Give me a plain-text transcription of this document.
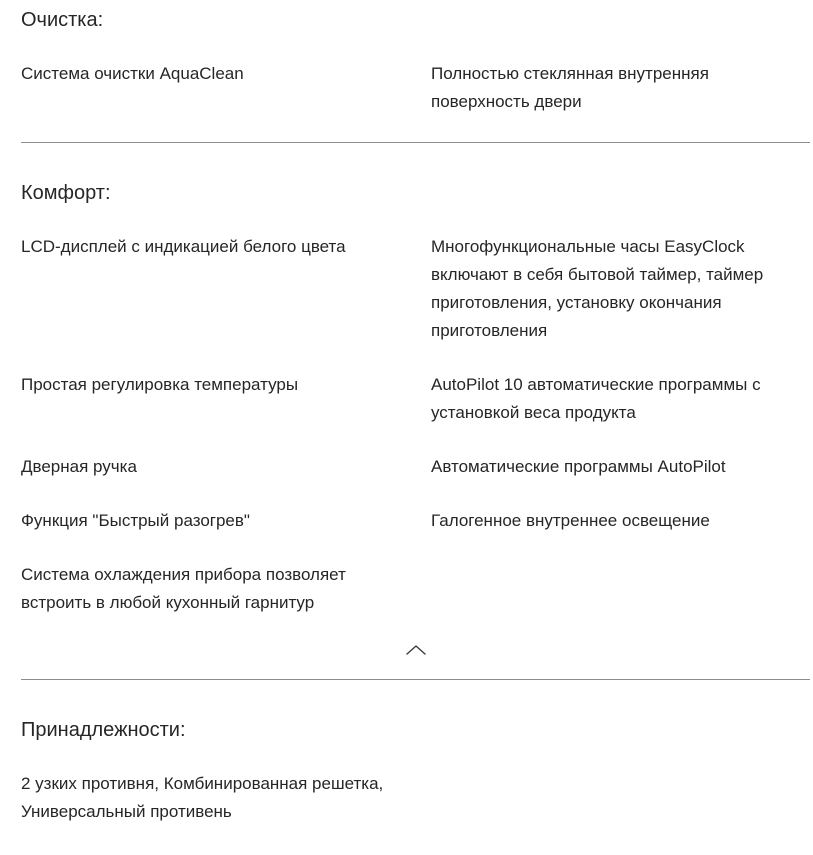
Очистка:
Система очистки AquaClean	Полностью стеклянная внутренняя поверхность двери
Комфорт:
LCD-дисплей с индикацией белого цвета	Многофункциональные часы EasyClock включают в себя бытовой таймер, таймер приготовления, установку окончания приготовления
Простая регулировка температуры	AutoPilot 10 автоматические программы с установкой веса продукта
Дверная ручка	Автоматические программы AutoPilot
Функция "Быстрый разогрев"	Галогенное внутреннее освещение
Система охлаждения прибора позволяет встроить в любой кухонный гарнитур
Принадлежности:
2 узких противня, Комбинированная решетка, Универсальный противень
